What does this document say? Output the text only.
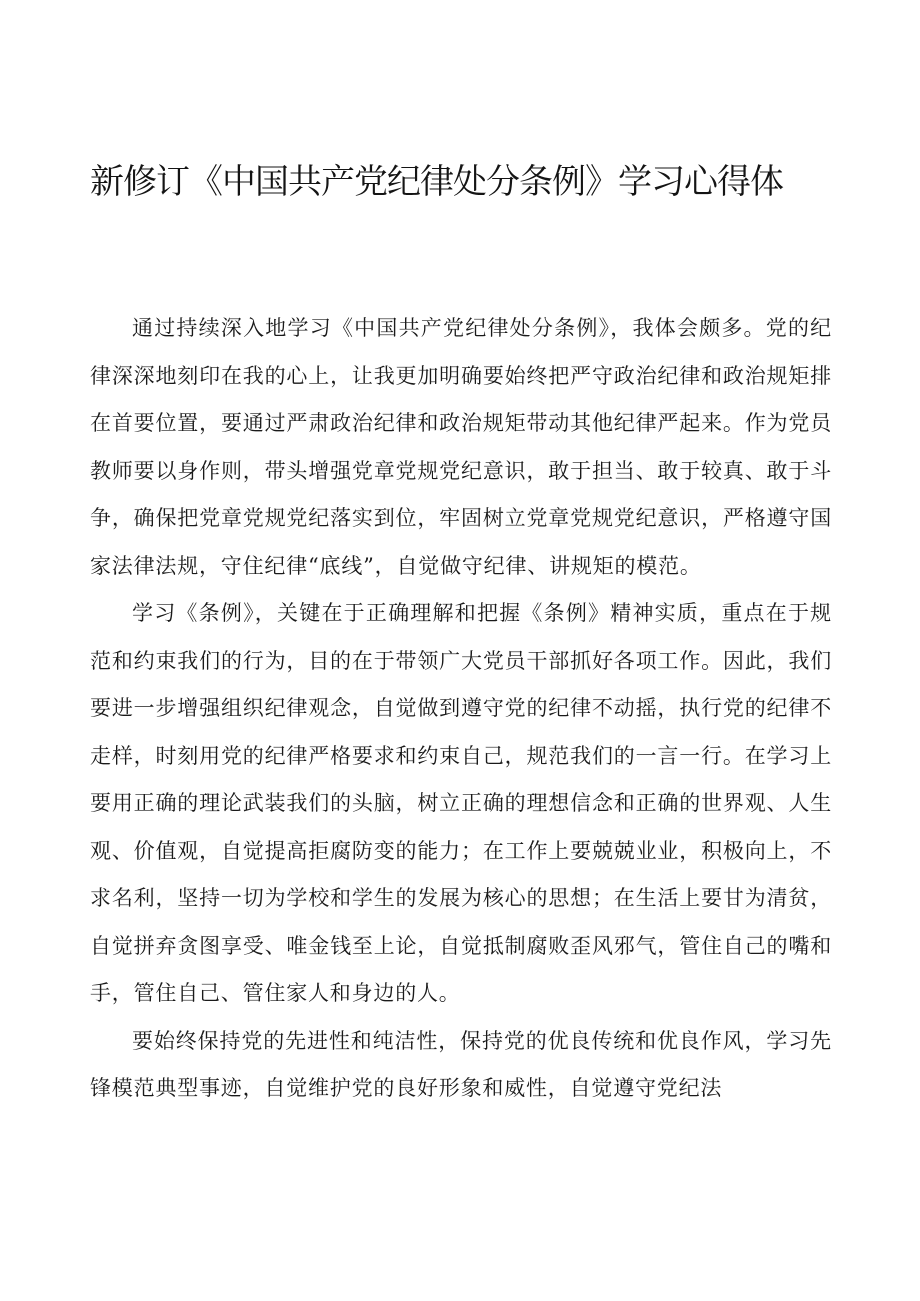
新修订《中国共产党纪律处分条例》学习心得体

通过持续深入地学习《中国共产党纪律处分条例》，我体会颇多。党的纪律深深地刻印在我的心上，让我更加明确要始终把严守政治纪律和政治规矩排在首要位置，要通过严肃政治纪律和政治规矩带动其他纪律严起来。作为党员教师要以身作则，带头增强党章党规党纪意识，敢于担当、敢于较真、敢于斗争，确保把党章党规党纪落实到位，牢固树立党章党规党纪意识，严格遵守国家法律法规，守住纪律“底线”，自觉做守纪律、讲规矩的模范。

学习《条例》，关键在于正确理解和把握《条例》精神实质，重点在于规范和约束我们的行为，目的在于带领广大党员干部抓好各项工作。因此，我们要进一步增强组织纪律观念，自觉做到遵守党的纪律不动摇，执行党的纪律不走样，时刻用党的纪律严格要求和约束自己，规范我们的一言一行。在学习上要用正确的理论武装我们的头脑，树立正确的理想信念和正确的世界观、人生观、价值观，自觉提高拒腐防变的能力；在工作上要兢兢业业，积极向上，不求名利，坚持一切为学校和学生的发展为核心的思想；在生活上要甘为清贫，自觉拼弃贪图享受、唯金钱至上论，自觉抵制腐败歪风邪气，管住自己的嘴和手，管住自己、管住家人和身边的人。

要始终保持党的先进性和纯洁性，保持党的优良传统和优良作风，学习先锋模范典型事迹，自觉维护党的良好形象和威性，自觉遵守党纪法
